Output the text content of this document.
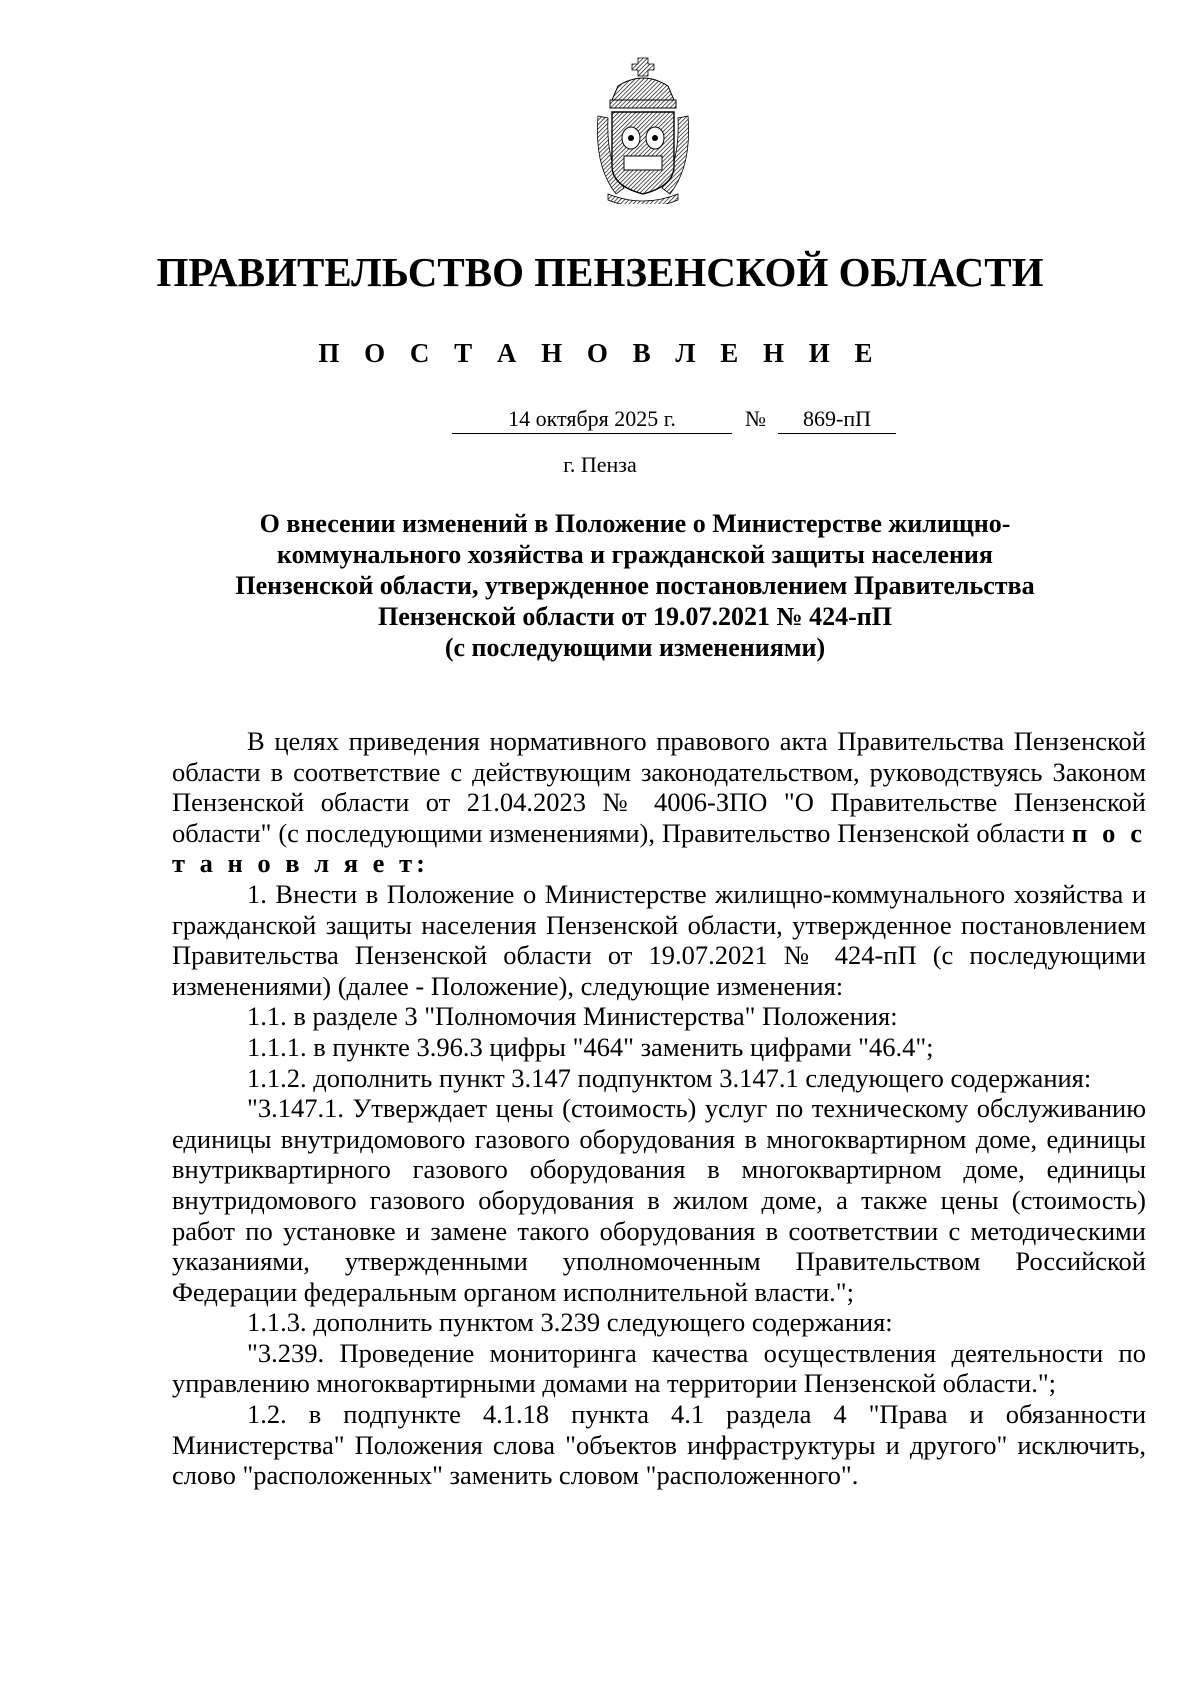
ПРАВИТЕЛЬСТВО ПЕНЗЕНСКОЙ ОБЛАСТИ
П О С Т А Н О В Л Е Н И Е
14 октября 2025 г.	№	869-пП
г. Пенза
О внесении изменений в Положение о Министерстве жилищно-
коммунального хозяйства и гражданской защиты населения
Пензенской области, утвержденное постановлением Правительства
Пензенской области от 19.07.2021 № 424-пП
(с последующими изменениями)

В целях приведения нормативного правового акта Правительства Пензенской области в соответствие с действующим законодательством, руководствуясь Законом Пензенской области от 21.04.2023 № 4006-ЗПО "О Правительстве Пензенской области" (с последующими изменениями), Правительство Пензенской области п о с т а н о в л я е т:

1. Внести в Положение о Министерстве жилищно-коммунального хозяйства и гражданской защиты населения Пензенской области, утвержденное постановлением Правительства Пензенской области от 19.07.2021 № 424-пП (с последующими изменениями) (далее - Положение), следующие изменения:

1.1. в разделе 3 "Полномочия Министерства" Положения:

1.1.1. в пункте 3.96.3 цифры "464" заменить цифрами "46.4";

1.1.2. дополнить пункт 3.147 подпунктом 3.147.1 следующего содержания:

"3.147.1. Утверждает цены (стоимость) услуг по техническому обслуживанию единицы внутридомового газового оборудования в многоквартирном доме, единицы внутриквартирного газового оборудования в многоквартирном доме, единицы внутридомового газового оборудования в жилом доме, а также цены (стоимость) работ по установке и замене такого оборудования в соответствии с методическими указаниями, утвержденными уполномоченным Правительством Российской Федерации федеральным органом исполнительной власти.";

1.1.3. дополнить пунктом 3.239 следующего содержания:

"3.239. Проведение мониторинга качества осуществления деятельности по управлению многоквартирными домами на территории Пензенской области.";

1.2. в подпункте 4.1.18 пункта 4.1 раздела 4 "Права и обязанности Министерства" Положения слова "объектов инфраструктуры и другого" исключить, слово "расположенных" заменить словом "расположенного".
